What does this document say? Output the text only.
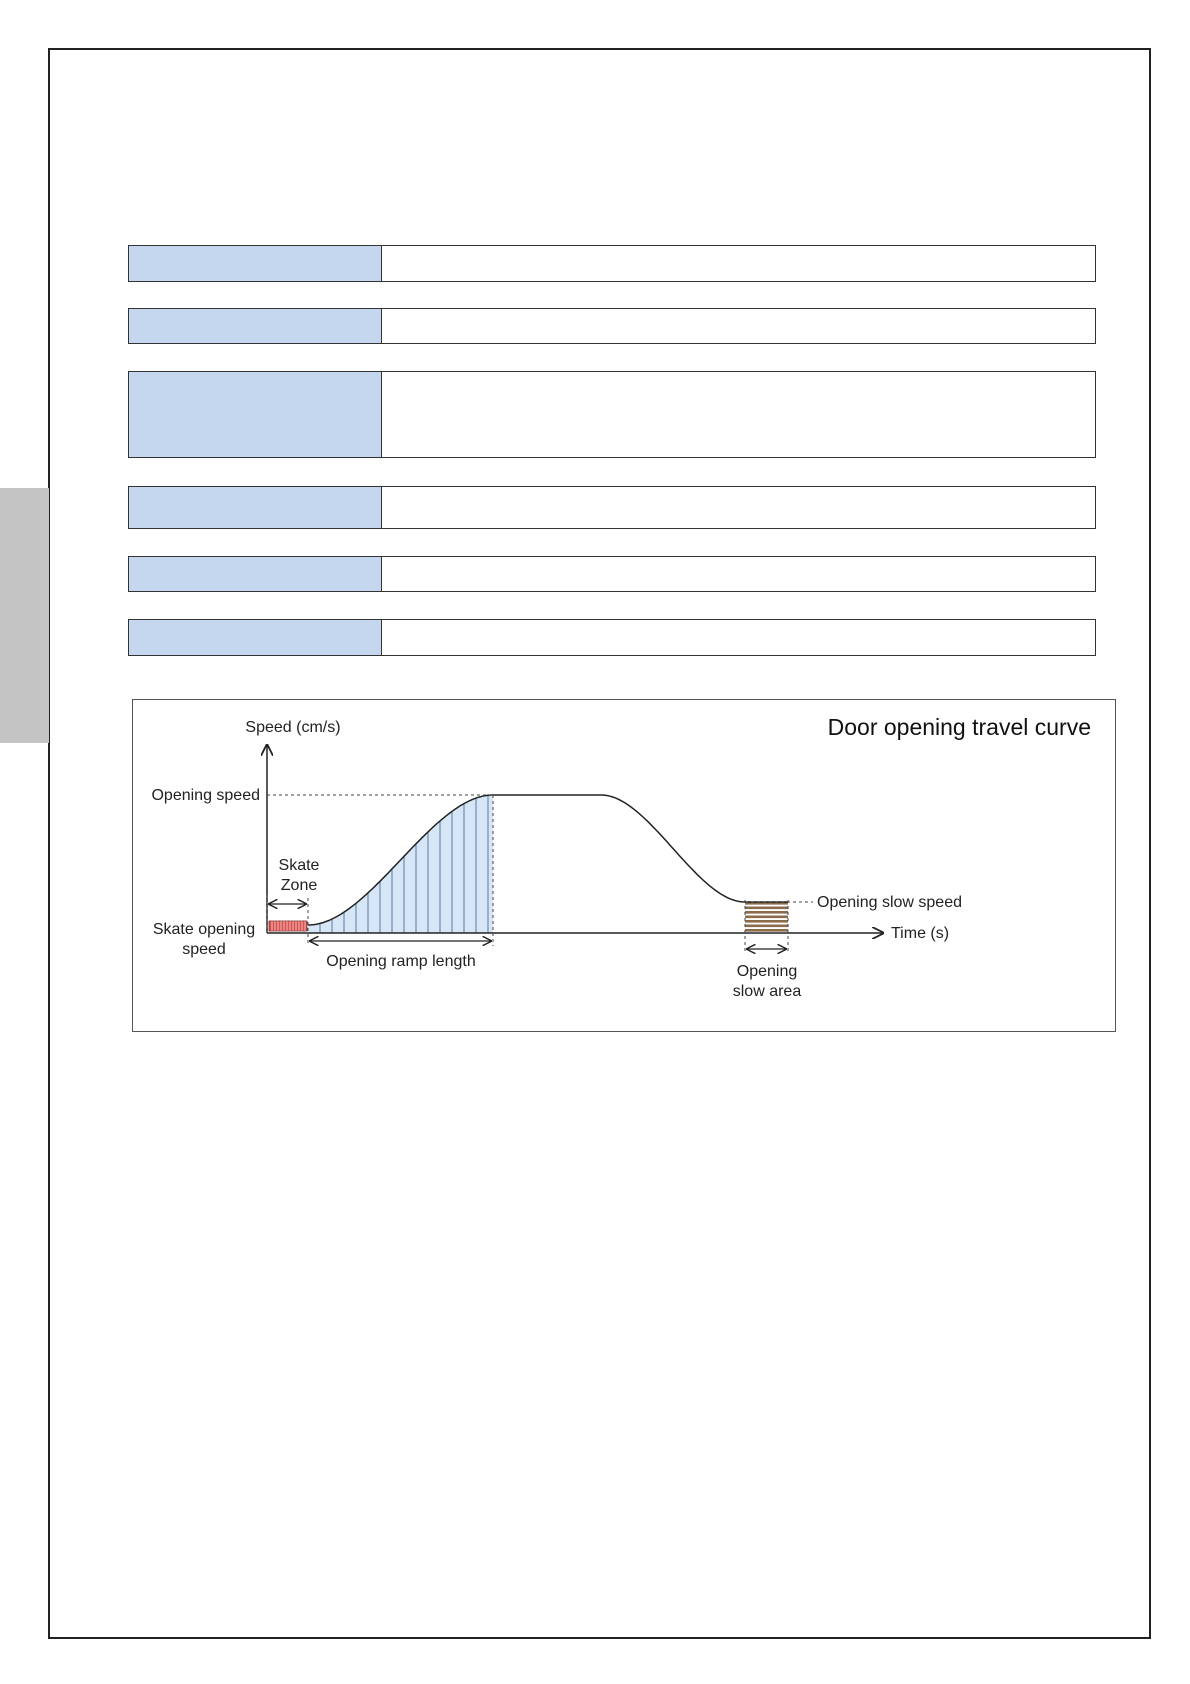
Speed (cm/s)	Door opening travel curve
Opening speed
Skate
Zone
Skate opening
speed
Opening ramp length
Opening slow speed
Time (s)
Opening
slow area
